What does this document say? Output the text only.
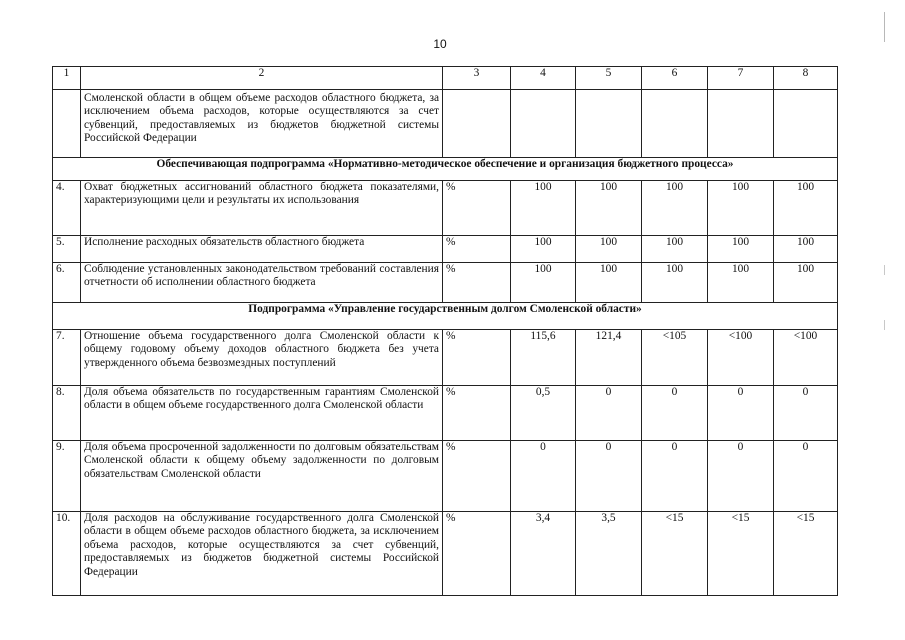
10
1	2	3	4	5	6	7	8
	Смоленской области в общем объеме расходов областного бюджета, за исключением объема расходов, которые осуществляются за счет субвенций, предоставляемых из бюджетов бюджетной системы Российской Федерации						
Обеспечивающая подпрограмма «Нормативно-методическое обеспечение и организация бюджетного процесса»							
4.	Охват бюджетных ассигнований областного бюджета показателями, характеризующими цели и результаты их использования	%	100	100	100	100	100
5.	Исполнение расходных обязательств областного бюджета	%	100	100	100	100	100
6.	Соблюдение установленных законодательством требований составления отчетности об исполнении областного бюджета	%	100	100	100	100	100
Подпрограмма «Управление государственным долгом Смоленской области»							
7.	Отношение объема государственного долга Смоленской области к общему годовому объему доходов областного бюджета без учета утвержденного объема безвозмездных поступлений	%	115,6	121,4	<105	<100	<100
8.	Доля объема обязательств по государственным гарантиям Смоленской области в общем объеме государственного долга Смоленской области	%	0,5	0	0	0	0
9.	Доля объема просроченной задолженности по долговым обязательствам Смоленской области к общему объему задолженности по долговым обязательствам Смоленской области	%	0	0	0	0	0
10.	Доля расходов на обслуживание государственного долга Смоленской области в общем объеме расходов областного бюджета, за исключением объема расходов, которые осуществляются за счет субвенций, предоставляемых из бюджетов бюджетной системы Российской Федерации	%	3,4	3,5	<15	<15	<15
